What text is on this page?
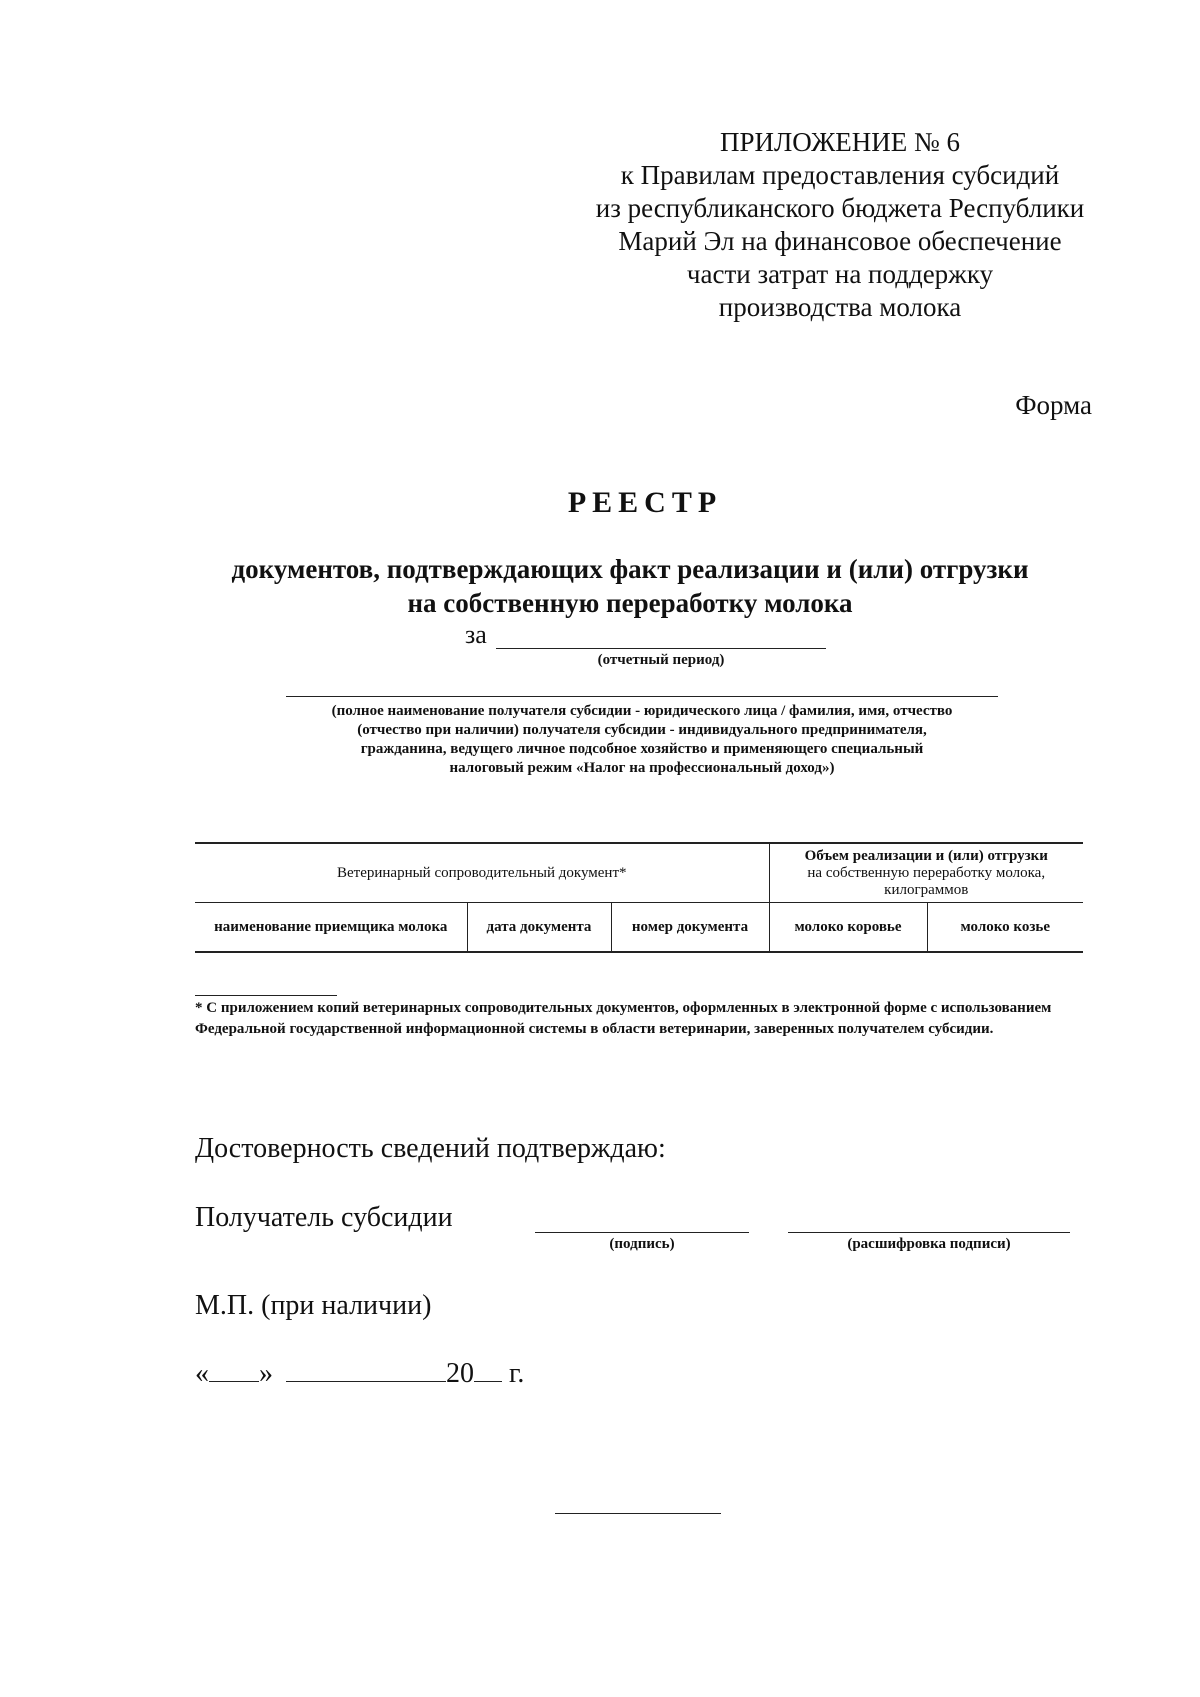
ПРИЛОЖЕНИЕ № 6
к Правилам предоставления субсидий
из республиканского бюджета Республики
Марий Эл на финансовое обеспечение
части затрат на поддержку
производства молока
Форма
РЕЕСТР
документов, подтверждающих факт реализации и (или) отгрузки
на собственную переработку молока
за
(отчетный период)
(полное наименование получателя субсидии - юридического лица / фамилия, имя, отчество
(отчество при наличии) получателя субсидии - индивидуального предпринимателя,
гражданина, ведущего личное подсобное хозяйство и применяющего специальный
налоговый режим «Налог на профессиональный доход»)
Ветеринарный сопроводительный документ*			Объем реализации и (или) отгрузки
на собственную переработку молока,
килограммов	

наименование приемщика молока	дата документа	номер документа	молоко коровье	молоко козье
* С приложением копий ветеринарных сопроводительных документов, оформленных в электронной форме с использованием
Федеральной государственной информационной системы в области ветеринарии, заверенных получателем субсидии.
Достоверность сведений подтверждаю:
Получатель субсидии
(подпись)	(расшифровка подписи)
М.П. (при наличии)
« »	20 г.
